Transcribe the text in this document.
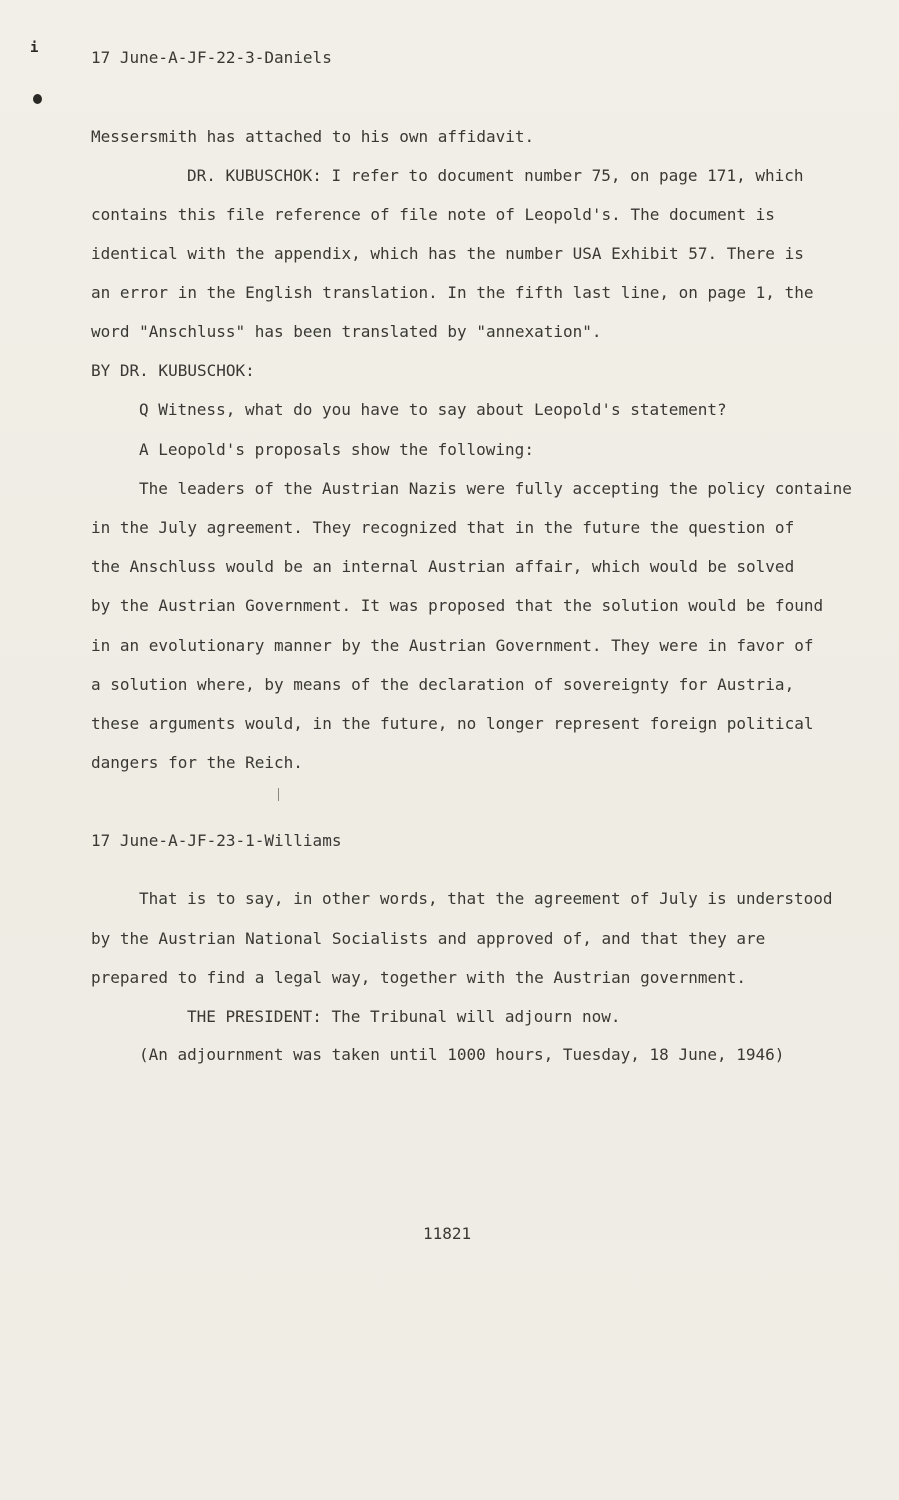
i	17 June-A-JF-22-3-Daniels
Messersmith has attached to his own affidavit.
DR. KUBUSCHOK: I refer to document number 75, on page 171, which
contains this file reference of file note of Leopold's. The document is
identical with the appendix, which has the number USA Exhibit 57. There is
an error in the English translation. In the fifth last line, on page 1, the
word "Anschluss" has been translated by "annexation".
BY DR. KUBUSCHOK:
Q Witness, what do you have to say about Leopold's statement?
A Leopold's proposals show the following:
The leaders of the Austrian Nazis were fully accepting the policy containe
in the July agreement. They recognized that in the future the question of
the Anschluss would be an internal Austrian affair, which would be solved
by the Austrian Government. It was proposed that the solution would be found
in an evolutionary manner by the Austrian Government. They were in favor of
a solution where, by means of the declaration of sovereignty for Austria,
these arguments would, in the future, no longer represent foreign political
dangers for the Reich.
17 June-A-JF-23-1-Williams
That is to say, in other words, that the agreement of July is understood
by the Austrian National Socialists and approved of, and that they are
prepared to find a legal way, together with the Austrian government.
THE PRESIDENT: The Tribunal will adjourn now.
(An adjournment was taken until 1000 hours, Tuesday, 18 June, 1946)
11821
